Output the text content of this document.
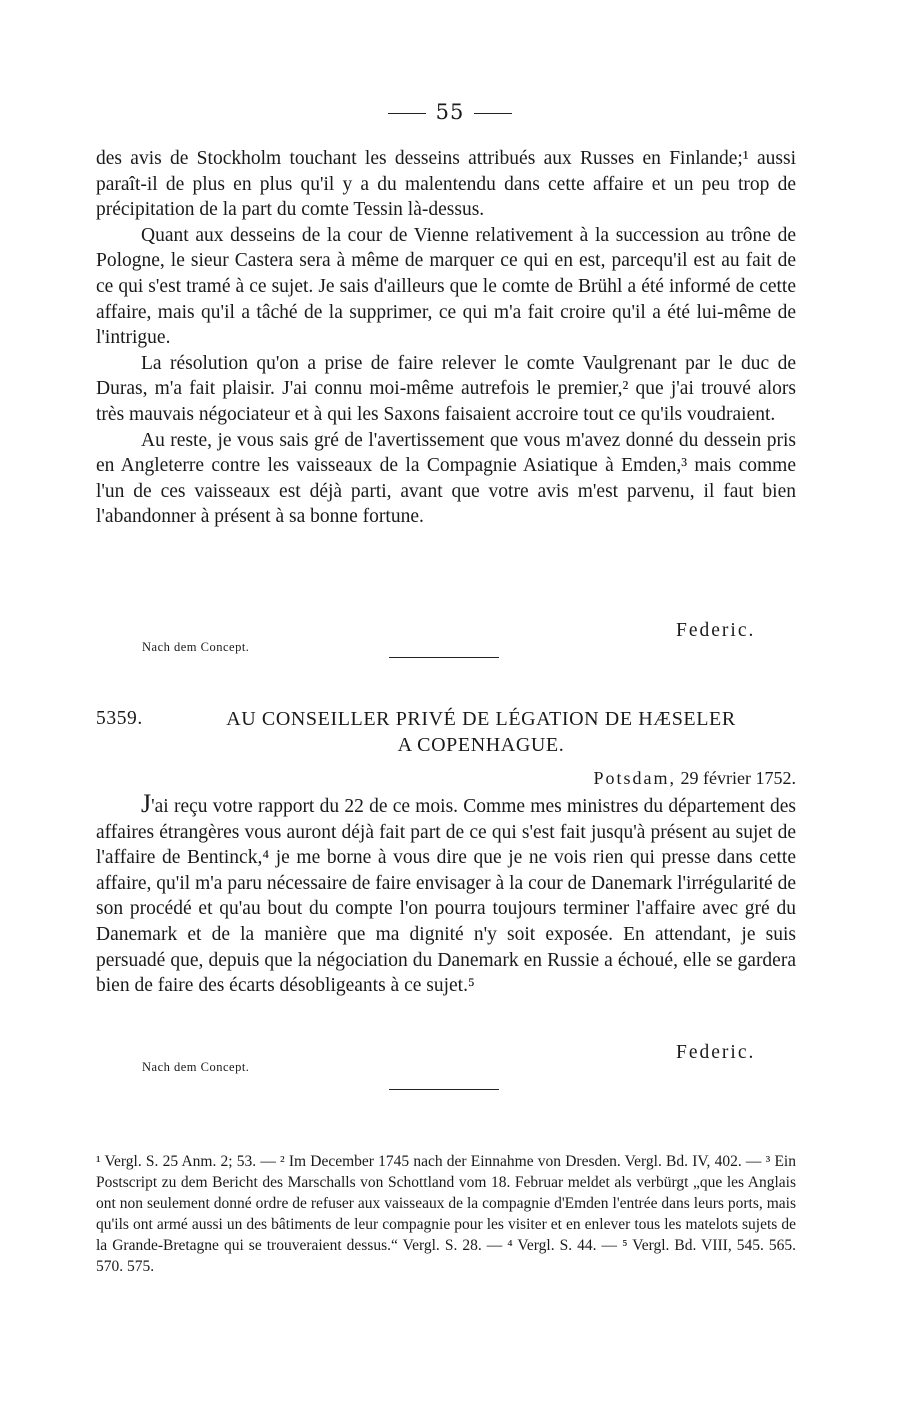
55

des avis de Stockholm touchant les desseins attribués aux Russes en Finlande;¹ aussi paraît-il de plus en plus qu'il y a du malentendu dans cette affaire et un peu trop de précipitation de la part du comte Tessin là-dessus.

Quant aux desseins de la cour de Vienne relativement à la succession au trône de Pologne, le sieur Castera sera à même de marquer ce qui en est, parcequ'il est au fait de ce qui s'est tramé à ce sujet. Je sais d'ailleurs que le comte de Brühl a été informé de cette affaire, mais qu'il a tâché de la supprimer, ce qui m'a fait croire qu'il a été lui-même de l'intrigue.

La résolution qu'on a prise de faire relever le comte Vaulgrenant par le duc de Duras, m'a fait plaisir. J'ai connu moi-même autrefois le premier,² que j'ai trouvé alors très mauvais négociateur et à qui les Saxons faisaient accroire tout ce qu'ils voudraient.

Au reste, je vous sais gré de l'avertissement que vous m'avez donné du dessein pris en Angleterre contre les vaisseaux de la Compagnie Asiatique à Emden,³ mais comme l'un de ces vaisseaux est déjà parti, avant que votre avis m'est parvenu, il faut bien l'abandonner à présent à sa bonne fortune.

Federic.
Nach dem Concept.
5359.	AU CONSEILLER PRIVÉ DE LÉGATION DE HÆSELER
A COPENHAGUE.
Potsdam, 29 février 1752.

J'ai reçu votre rapport du 22 de ce mois. Comme mes ministres du département des affaires étrangères vous auront déjà fait part de ce qui s'est fait jusqu'à présent au sujet de l'affaire de Bentinck,⁴ je me borne à vous dire que je ne vois rien qui presse dans cette affaire, qu'il m'a paru nécessaire de faire envisager à la cour de Danemark l'irrégularité de son procédé et qu'au bout du compte l'on pourra toujours terminer l'affaire avec gré du Danemark et de la manière que ma dignité n'y soit exposée. En attendant, je suis persuadé que, depuis que la négociation du Danemark en Russie a échoué, elle se gardera bien de faire des écarts désobligeants à ce sujet.⁵

Federic.
Nach dem Concept.
¹ Vergl. S. 25 Anm. 2; 53. — ² Im December 1745 nach der Einnahme von Dresden. Vergl. Bd. IV, 402. — ³ Ein Postscript zu dem Bericht des Marschalls von Schottland vom 18. Februar meldet als verbürgt „que les Anglais ont non seulement donné ordre de refuser aux vaisseaux de la compagnie d'Emden l'entrée dans leurs ports, mais qu'ils ont armé aussi un des bâtiments de leur compagnie pour les visiter et en enlever tous les matelots sujets de la Grande-Bretagne qui se trouveraient dessus.“ Vergl. S. 28. — ⁴ Vergl. S. 44. — ⁵ Vergl. Bd. VIII, 545. 565. 570. 575.
